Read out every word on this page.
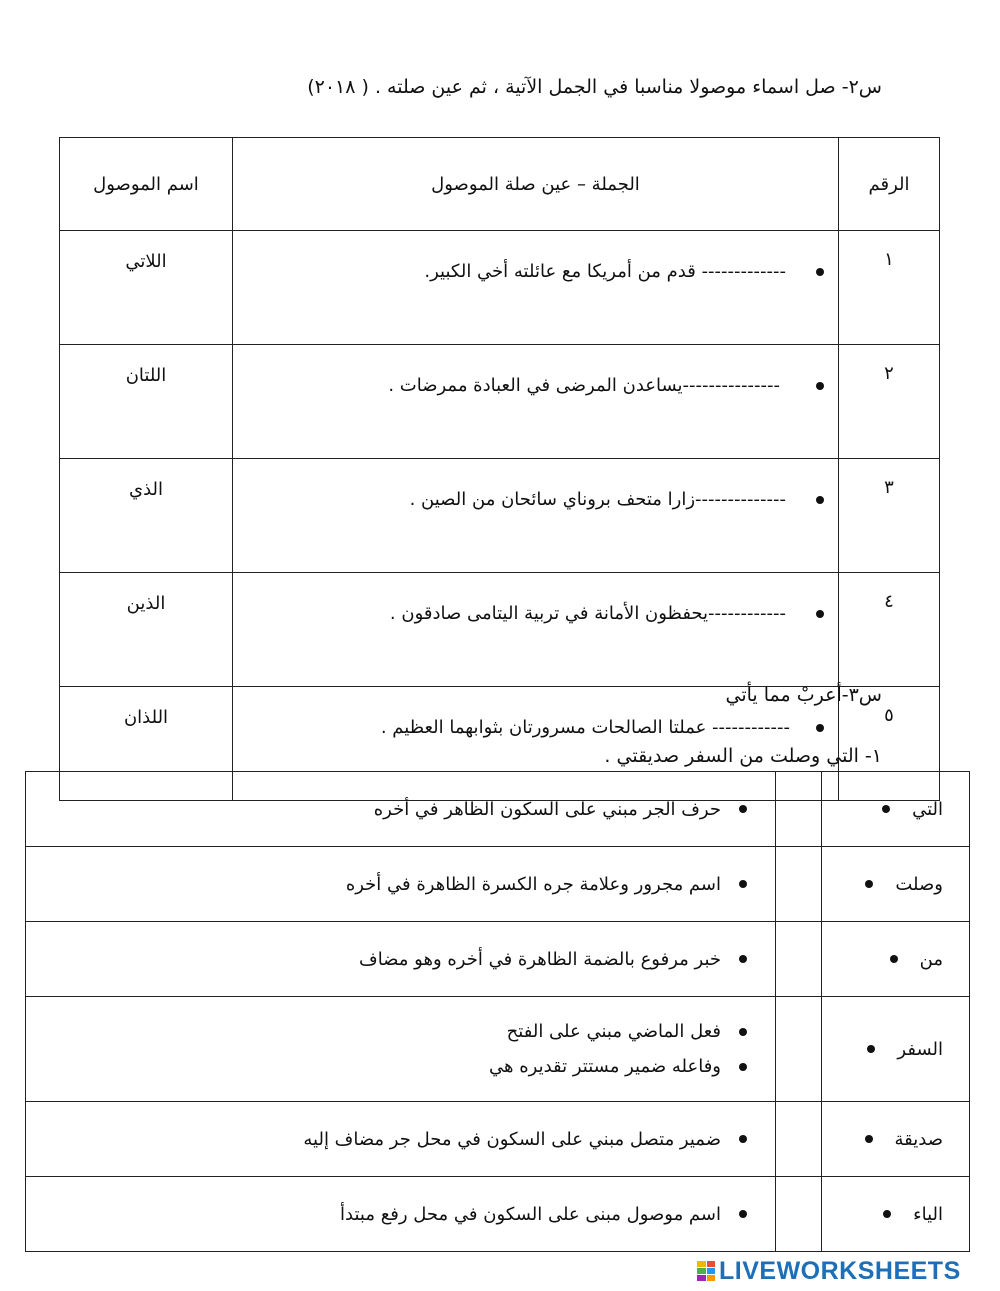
س٢- صل اسماء موصولا مناسبا في الجمل الآتية ، ثم عين صلته . ( ٢٠١٨)
اسم الموصول	الجملة – عين صلة الموصول	الرقم
اللاتي	------------- قدم من أمريكا مع عائلته أخي الكبير.	١
اللتان	---------------يساعدن المرضى في العبادة ممرضات .	٢
الذي	--------------زارا متحف بروناي سائحان من الصين .	٣
الذين	------------يحفظون الأمانة في تربية اليتامى صادقون .	٤
اللذان	------------ عملتا الصالحات مسرورتان بثوابهما العظيم .	٥
س٣-أعربْ مما يأتي
١- التي وصلت من السفر صديقتي .
حرف الجر مبني على السكون الظاهر في أخره		التي

اسم مجرور وعلامة جره الكسرة الظاهرة في أخره		وصلت

خبر مرفوع بالضمة الظاهرة في أخره وهو مضاف		من

فعل الماضي مبني على الفتح
وفاعله ضمير مستتر تقديره هي		السفر

ضمير متصل مبني على السكون في محل جر مضاف إليه		صديقة

اسم موصول مبنى على السكون في محل رفع مبتدأ		الياء
LIVEWORKSHEETS
